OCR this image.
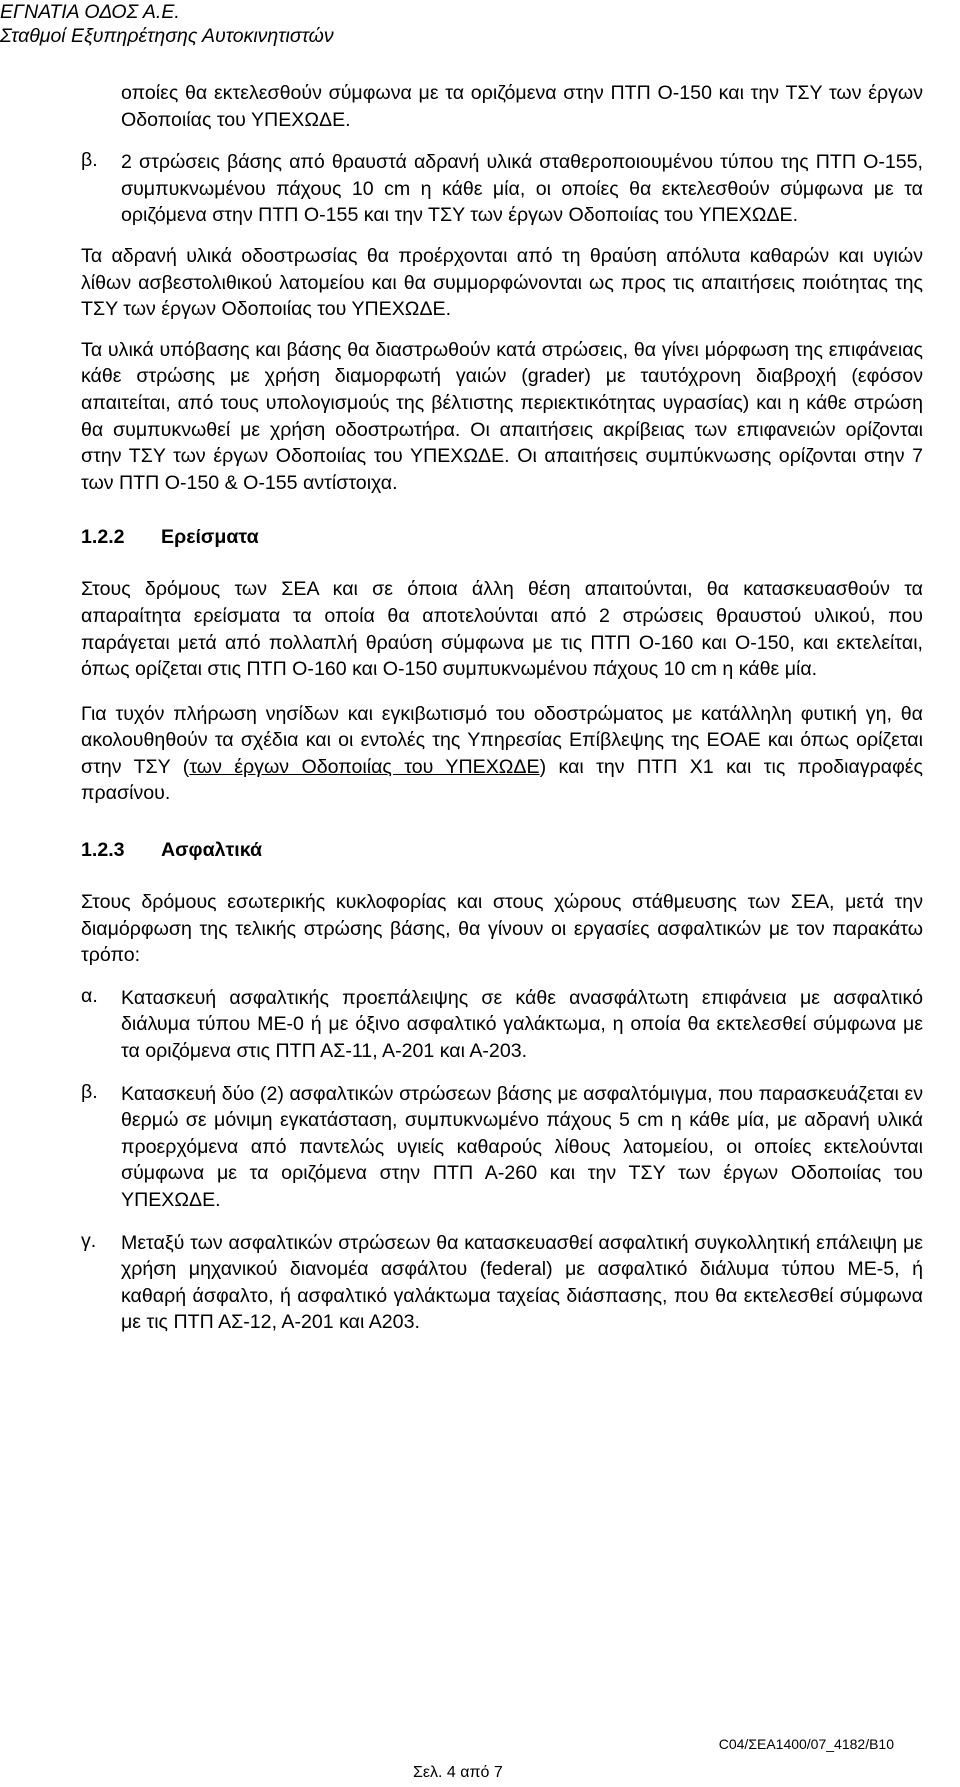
ΕΓΝΑΤΙΑ ΟΔΟΣ Α.Ε.
Σταθμοί Εξυπηρέτησης Αυτοκινητιστών

οποίες θα εκτελεσθούν σύμφωνα με τα οριζόμενα στην ΠΤΠ Ο-150 και την ΤΣΥ των έργων Οδοποιίας του ΥΠΕΧΩΔΕ.

β.	2 στρώσεις βάσης από θραυστά αδρανή υλικά σταθεροποιουμένου τύπου της ΠΤΠ Ο-155, συμπυκνωμένου πάχους 10 cm η κάθε μία, οι οποίες θα εκτελεσθούν σύμφωνα με τα οριζόμενα στην ΠΤΠ Ο-155 και την ΤΣΥ των έργων Οδοποιίας του ΥΠΕΧΩΔΕ.

Τα αδρανή υλικά οδοστρωσίας θα προέρχονται από τη θραύση απόλυτα καθαρών και υγιών λίθων ασβεστολιθικού λατομείου και θα συμμορφώνονται ως προς τις απαιτήσεις ποιότητας της ΤΣΥ των έργων Οδοποιίας του ΥΠΕΧΩΔΕ.

Τα υλικά υπόβασης και βάσης θα διαστρωθούν κατά στρώσεις, θα γίνει μόρφωση της επιφάνειας κάθε στρώσης με χρήση διαμορφωτή γαιών (grader) με ταυτόχρονη διαβροχή (εφόσον απαιτείται, από τους υπολογισμούς της βέλτιστης περιεκτικότητας υγρασίας) και η κάθε στρώση θα συμπυκνωθεί με χρήση οδοστρωτήρα. Οι απαιτήσεις ακρίβειας των επιφανειών ορίζονται στην ΤΣΥ των έργων Οδοποιίας του ΥΠΕΧΩΔΕ. Οι απαιτήσεις συμπύκνωσης ορίζονται στην 7 των ΠΤΠ Ο-150 & Ο-155 αντίστοιχα.

1.2.2	Ερείσματα

Στους δρόμους των ΣΕΑ και σε όποια άλλη θέση απαιτούνται, θα κατασκευασθούν τα απαραίτητα ερείσματα τα οποία θα αποτελούνται από 2 στρώσεις θραυστού υλικού, που παράγεται μετά από πολλαπλή θραύση σύμφωνα με τις ΠΤΠ Ο-160 και Ο-150, και εκτελείται, όπως ορίζεται στις ΠΤΠ Ο-160 και Ο-150 συμπυκνωμένου πάχους 10 cm η κάθε μία.

Για τυχόν πλήρωση νησίδων και εγκιβωτισμό του οδοστρώματος με κατάλληλη φυτική γη, θα ακολουθηθούν τα σχέδια και οι εντολές της Υπηρεσίας Επίβλεψης της ΕΟΑΕ και όπως ορίζεται στην ΤΣΥ (των έργων Οδοποιίας του ΥΠΕΧΩΔΕ) και την ΠΤΠ Χ1 και τις προδιαγραφές πρασίνου.

1.2.3	Ασφαλτικά

Στους δρόμους εσωτερικής κυκλοφορίας και στους χώρους στάθμευσης των ΣΕΑ, μετά την διαμόρφωση της τελικής στρώσης βάσης, θα γίνουν οι εργασίες ασφαλτικών με τον παρακάτω τρόπο:

α.	Κατασκευή ασφαλτικής προεπάλειψης σε κάθε ανασφάλτωτη επιφάνεια με ασφαλτικό διάλυμα τύπου ΜΕ-0 ή με όξινο ασφαλτικό γαλάκτωμα, η οποία θα εκτελεσθεί σύμφωνα με τα οριζόμενα στις ΠΤΠ ΑΣ-11, Α-201 και Α-203.
β.	Κατασκευή δύο (2) ασφαλτικών στρώσεων βάσης με ασφαλτόμιγμα, που παρασκευάζεται εν θερμώ σε μόνιμη εγκατάσταση, συμπυκνωμένο πάχους 5 cm η κάθε μία, με αδρανή υλικά προερχόμενα από παντελώς υγιείς καθαρούς λίθους λατομείου, οι οποίες εκτελούνται σύμφωνα με τα οριζόμενα στην ΠΤΠ Α-260 και την ΤΣΥ των έργων Οδοποιίας του ΥΠΕΧΩΔΕ.
γ.	Μεταξύ των ασφαλτικών στρώσεων θα κατασκευασθεί ασφαλτική συγκολλητική επάλειψη με χρήση μηχανικού διανομέα ασφάλτου (federal) με ασφαλτικό διάλυμα τύπου ΜΕ-5, ή καθαρή άσφαλτο, ή ασφαλτικό γαλάκτωμα ταχείας διάσπασης, που θα εκτελεσθεί σύμφωνα με τις ΠΤΠ ΑΣ-12, Α-201 και Α203.
C04/ΣΕΑ1400/07_4182/B10
Σελ. 4 από 7
